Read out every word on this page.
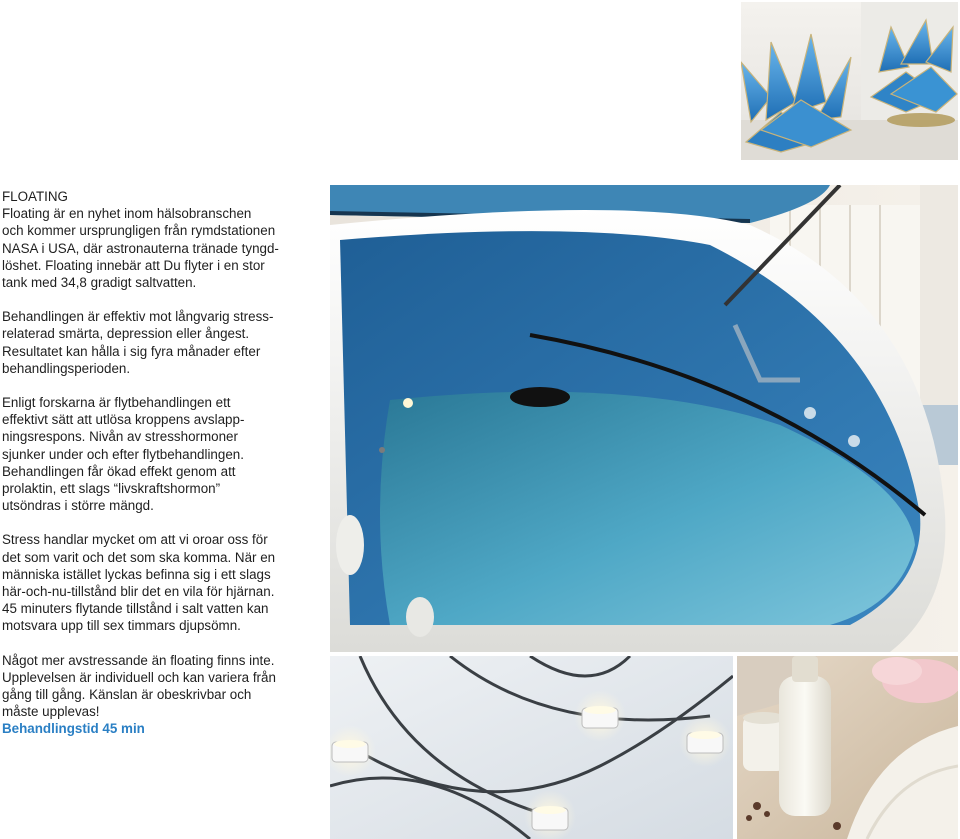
FLOATING
Floating är en nyhet inom hälsobranschen
och kommer ursprungligen från rymdstationen
NASA i USA, där astronauterna tränade tyngd-
löshet. Floating innebär att Du flyter i en stor
tank med 34,8 gradigt saltvatten.

Behandlingen är effektiv mot långvarig stress-
relaterad smärta, depression eller ångest.
Resultatet kan hålla i sig fyra månader efter
behandlingsperioden.

Enligt forskarna är flytbehandlingen ett
effektivt sätt att utlösa kroppens avslapp-
ningsrespons. Nivån av stresshormoner
sjunker under och efter flytbehandlingen.
Behandlingen får ökad effekt genom att
prolaktin, ett slags “livskraftshormon”
utsöndras i större mängd.

Stress handlar mycket om att vi oroar oss för
det som varit och det som ska komma. När en
människa istället lyckas befinna sig i ett slags
här-och-nu-tillstånd blir det en vila för hjärnan.
45 minuters flytande tillstånd i salt vatten kan
motsvara upp till sex timmars djupsömn.

Något mer avstressande än floating finns inte.
Upplevelsen är individuell och kan variera från
gång till gång. Känslan är obeskrivbar och
måste upplevas!
Behandlingstid 45 min
